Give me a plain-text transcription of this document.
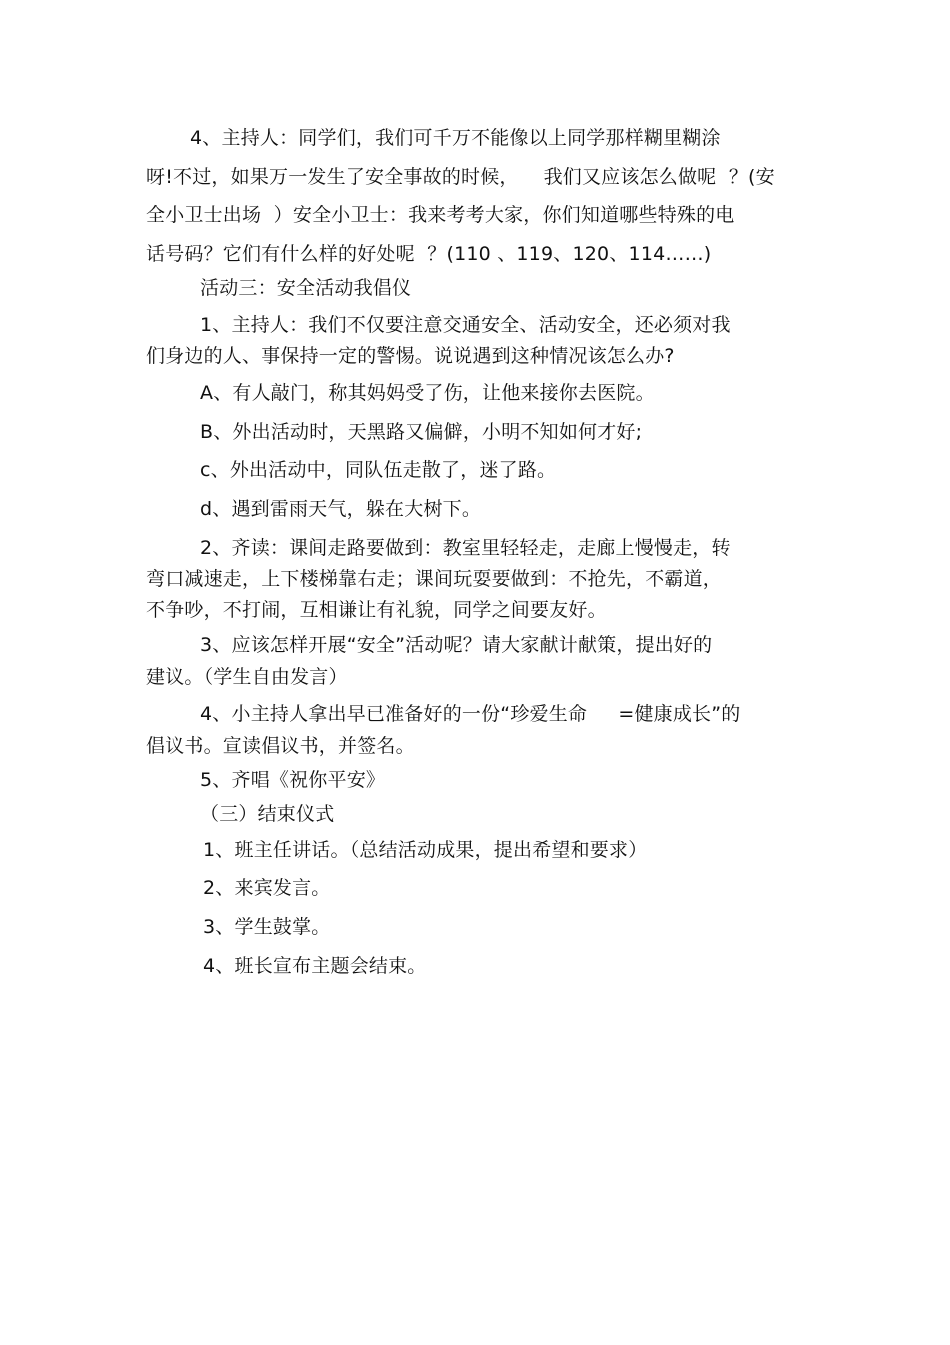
4、主持人：同学们，我们可千万不能像以上同学那样糊里糊涂
呀!不过，如果万一发生了安全事故的时候，    我们又应该怎么做呢  ？(安
全小卫士出场  ）安全小卫士：我来考考大家，你们知道哪些特殊的电
话号码？它们有什么样的好处呢  ？(110 、119、120、114……)
活动三：安全活动我倡仪
1、主持人：我们不仅要注意交通安全、活动安全，还必须对我
们身边的人、事保持一定的警惕。说说遇到这种情况该怎么办?
A、有人敲门，称其妈妈受了伤，让他来接你去医院。
B、外出活动时，天黑路又偏僻，小明不知如何才好;
c、外出活动中，同队伍走散了，迷了路。
d、遇到雷雨天气，躲在大树下。
2、齐读：课间走路要做到：教室里轻轻走，走廊上慢慢走，转
弯口减速走，上下楼梯靠右走；课间玩耍要做到：不抢先，不霸道，
不争吵，不打闹，互相谦让有礼貌，同学之间要友好。
3、应该怎样开展“安全”活动呢？请大家献计献策，提出好的
建议。（学生自由发言）
4、小主持人拿出早已准备好的一份“珍爱生命     =健康成长”的
倡议书。宣读倡议书，并签名。
5、齐唱《祝你平安》
（三）结束仪式
1、班主任讲话。（总结活动成果，提出希望和要求）
2、来宾发言。
3、学生鼓掌。
4、班长宣布主题会结束。
